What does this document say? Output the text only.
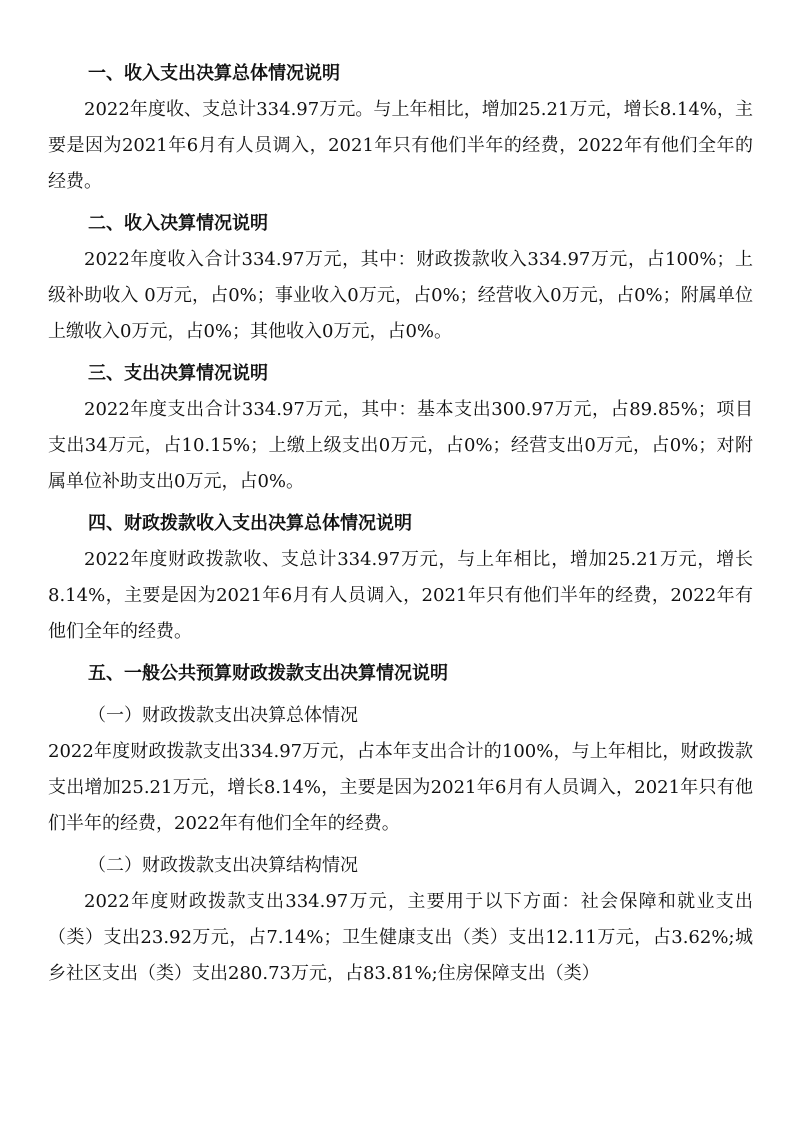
一、收入支出决算总体情况说明

2022年度收、支总计334.97万元。与上年相比，增加25.21万元，增长8.14%，主要是因为2021年6月有人员调入，2021年只有他们半年的经费，2022年有他们全年的经费。

二、收入决算情况说明

2022年度收入合计334.97万元，其中：财政拨款收入334.97万元，占100%；上级补助收入 0万元，占0%；事业收入0万元，占0%；经营收入0万元，占0%；附属单位上缴收入0万元，占0%；其他收入0万元，占0%。

三、支出决算情况说明

2022年度支出合计334.97万元，其中：基本支出300.97万元，占89.85%；项目支出34万元，占10.15%；上缴上级支出0万元，占0%；经营支出0万元，占0%；对附属单位补助支出0万元，占0%。

四、财政拨款收入支出决算总体情况说明

2022年度财政拨款收、支总计334.97万元，与上年相比，增加25.21万元，增长8.14%，主要是因为2021年6月有人员调入，2021年只有他们半年的经费，2022年有他们全年的经费。

五、一般公共预算财政拨款支出决算情况说明
（一）财政拨款支出决算总体情况

2022年度财政拨款支出334.97万元，占本年支出合计的100%，与上年相比，财政拨款支出增加25.21万元，增长8.14%，主要是因为2021年6月有人员调入，2021年只有他们半年的经费，2022年有他们全年的经费。

（二）财政拨款支出决算结构情况

2022年度财政拨款支出334.97万元，主要用于以下方面：社会保障和就业支出（类）支出23.92万元，占7.14%；卫生健康支出（类）支出12.11万元，占3.62%;城乡社区支出（类）支出280.73万元，占83.81%;住房保障支出（类）
